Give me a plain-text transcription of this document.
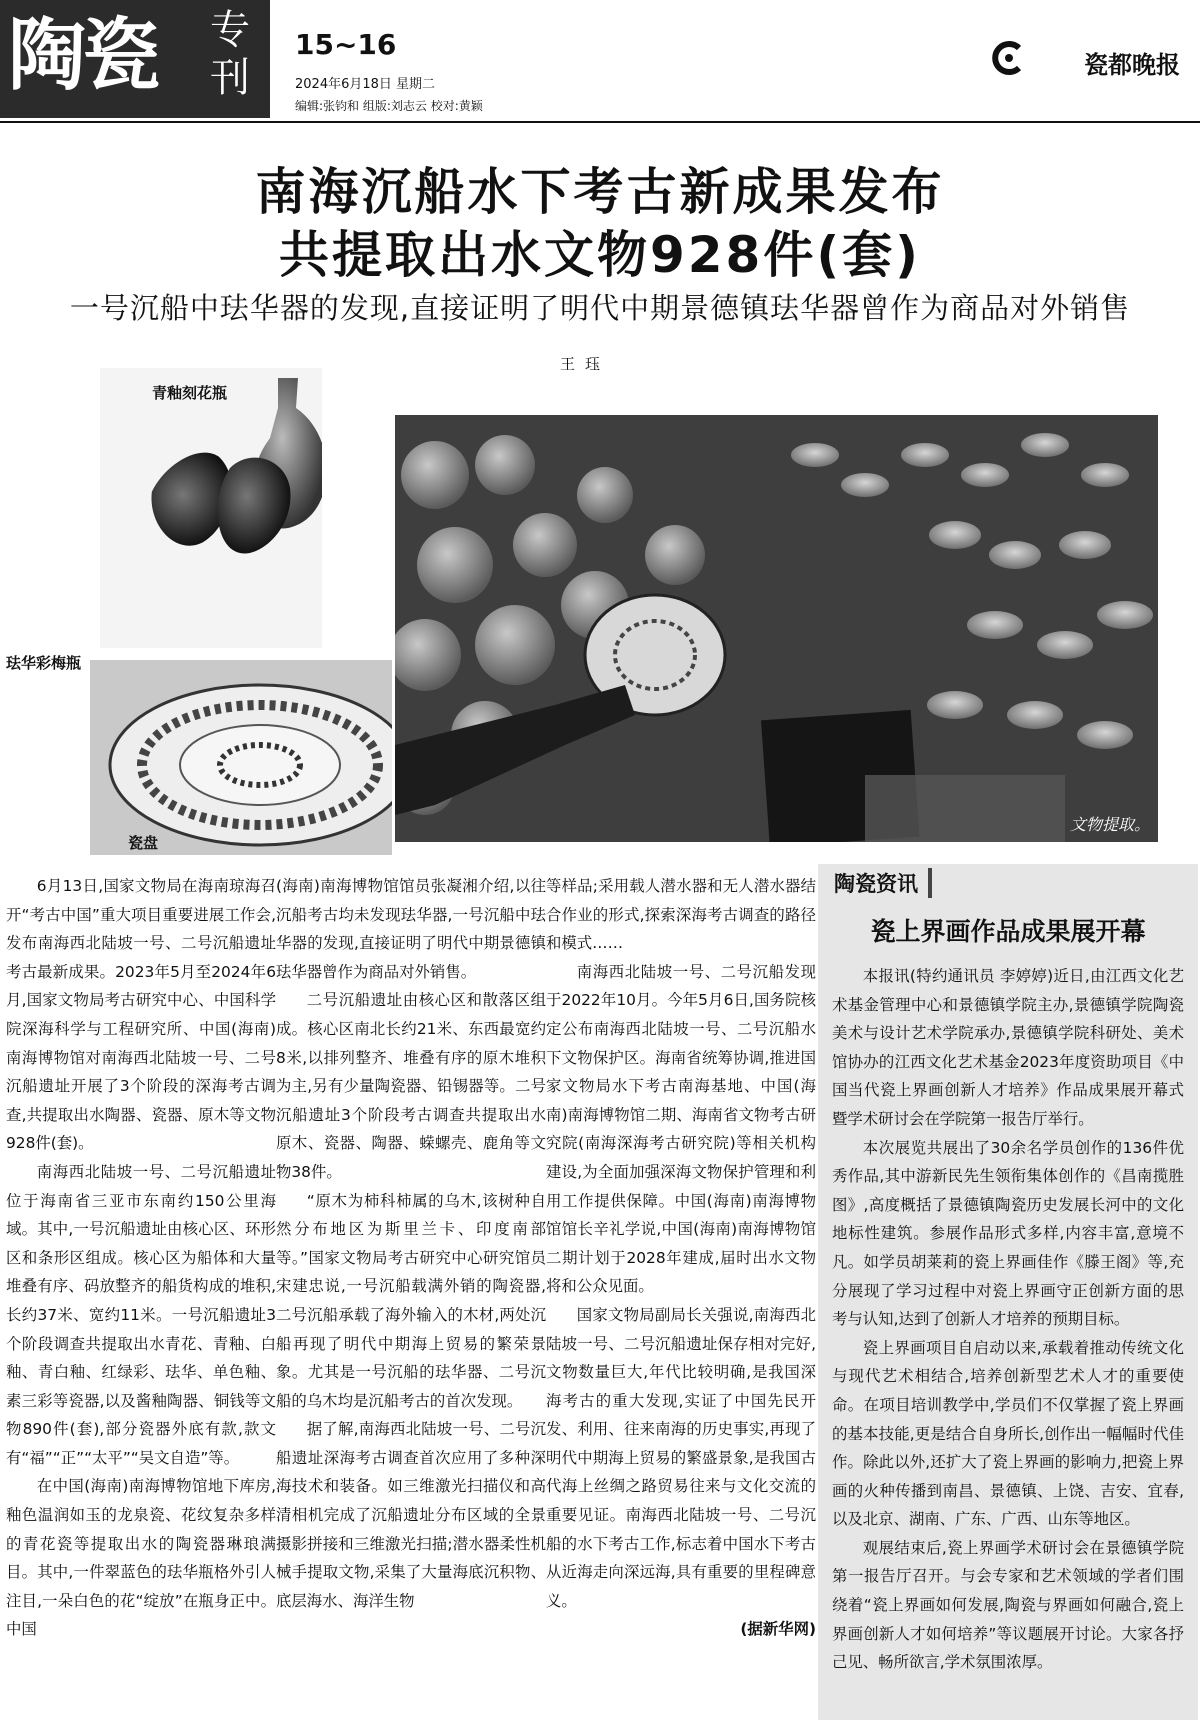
陶瓷 专刊
15~16
2024年6月18日 星期二
编辑:张钧和 组版:刘志云 校对:黄颖
瓷都晚报
南海沉船水下考古新成果发布
共提取出水文物928件(套)
一号沉船中珐华器的发现,直接证明了明代中期景德镇珐华器曾作为商品对外销售
王珏
青釉刻花瓶
珐华彩梅瓶
瓷盘
文物提取。

6月13日,国家文物局在海南琼海召开“考古中国”重大项目重要进展工作会,发布南海西北陆坡一号、二号沉船遗址考古最新成果。2023年5月至2024年6月,国家文物局考古研究中心、中国科学院深海科学与工程研究所、中国(海南)南海博物馆对南海西北陆坡一号、二号沉船遗址开展了3个阶段的深海考古调查,共提取出水陶器、瓷器、原木等文物928件(套)。

南海西北陆坡一号、二号沉船遗址位于海南省三亚市东南约150公里海域。其中,一号沉船遗址由核心区、环形区和条形区组成。核心区为船体和大量堆叠有序、码放整齐的船货构成的堆积,长约37米、宽约11米。一号沉船遗址3个阶段调查共提取出水青花、青釉、白釉、青白釉、红绿彩、珐华、单色釉、素三彩等瓷器,以及酱釉陶器、铜钱等文物890件(套),部分瓷器外底有款,款文有“福”“正”“太平”“吴文自造”等。

在中国(海南)南海博物馆地下库房,釉色温润如玉的龙泉瓷、花纹复杂多样的青花瓷等提取出水的陶瓷器琳琅满目。其中,一件翠蓝色的珐华瓶格外引人注目,一朵白色的花“绽放”在瓶身正中。中国

(海南)南海博物馆馆员张凝湘介绍,以往沉船考古均未发现珐华器,一号沉船中珐华器的发现,直接证明了明代中期景德镇珐华器曾作为商品对外销售。

二号沉船遗址由核心区和散落区组成。核心区南北长约21米、东西最宽约8米,以排列整齐、堆叠有序的原木堆积为主,另有少量陶瓷器、铅锡器等。二号沉船遗址3个阶段考古调查共提取出水原木、瓷器、陶器、蝾螺壳、鹿角等文物38件。

“原木为柿科柿属的乌木,该树种自然分布地区为斯里兰卡、印度南部等。”国家文物局考古研究中心研究馆员宋建忠说,一号沉船载满外销的陶瓷器,二号沉船承载了海外输入的木材,两处沉船再现了明代中期海上贸易的繁荣景象。尤其是一号沉船的珐华器、二号沉船的乌木均是沉船考古的首次发现。

据了解,南海西北陆坡一号、二号沉船遗址深海考古调查首次应用了多种深海技术和装备。如三维激光扫描仪和高清相机完成了沉船遗址分布区域的全景摄影拼接和三维激光扫描;潜水器柔性机械手提取文物,采集了大量海底沉积物、底层海水、海洋生物

等样品;采用载人潜水器和无人潜水器结合作业的形式,探索深海考古调查的路径和模式……

南海西北陆坡一号、二号沉船发现于2022年10月。今年5月6日,国务院核定公布南海西北陆坡一号、二号沉船水下文物保护区。海南省统筹协调,推进国家文物局水下考古南海基地、中国(海南)南海博物馆二期、海南省文物考古研究院(南海深海考古研究院)等相关机构建设,为全面加强深海文物保护管理和利用工作提供保障。中国(海南)南海博物馆馆长辛礼学说,中国(海南)南海博物馆二期计划于2028年建成,届时出水文物将和公众见面。

国家文物局副局长关强说,南海西北陆坡一号、二号沉船遗址保存相对完好,文物数量巨大,年代比较明确,是我国深海考古的重大发现,实证了中国先民开发、利用、往来南海的历史事实,再现了明代中期海上贸易的繁盛景象,是我国古代海上丝绸之路贸易往来与文化交流的重要见证。南海西北陆坡一号、二号沉船的水下考古工作,标志着中国水下考古从近海走向深远海,具有重要的里程碑意义。

(据新华网)
陶瓷资讯
瓷上界画作品成果展开幕

本报讯(特约通讯员 李婷婷)近日,由江西文化艺术基金管理中心和景德镇学院主办,景德镇学院陶瓷美术与设计艺术学院承办,景德镇学院科研处、美术馆协办的江西文化艺术基金2023年度资助项目《中国当代瓷上界画创新人才培养》作品成果展开幕式暨学术研讨会在学院第一报告厅举行。

本次展览共展出了30余名学员创作的136件优秀作品,其中游新民先生领衔集体创作的《昌南揽胜图》,高度概括了景德镇陶瓷历史发展长河中的文化地标性建筑。参展作品形式多样,内容丰富,意境不凡。如学员胡莱莉的瓷上界画佳作《滕王阁》等,充分展现了学习过程中对瓷上界画守正创新方面的思考与认知,达到了创新人才培养的预期目标。

瓷上界画项目自启动以来,承载着推动传统文化与现代艺术相结合,培养创新型艺术人才的重要使命。在项目培训教学中,学员们不仅掌握了瓷上界画的基本技能,更是结合自身所长,创作出一幅幅时代佳作。除此以外,还扩大了瓷上界画的影响力,把瓷上界画的火种传播到南昌、景德镇、上饶、吉安、宜春,以及北京、湖南、广东、广西、山东等地区。

观展结束后,瓷上界画学术研讨会在景德镇学院第一报告厅召开。与会专家和艺术领域的学者们围绕着“瓷上界画如何发展,陶瓷与界画如何融合,瓷上界画创新人才如何培养”等议题展开讨论。大家各抒己见、畅所欲言,学术氛围浓厚。
